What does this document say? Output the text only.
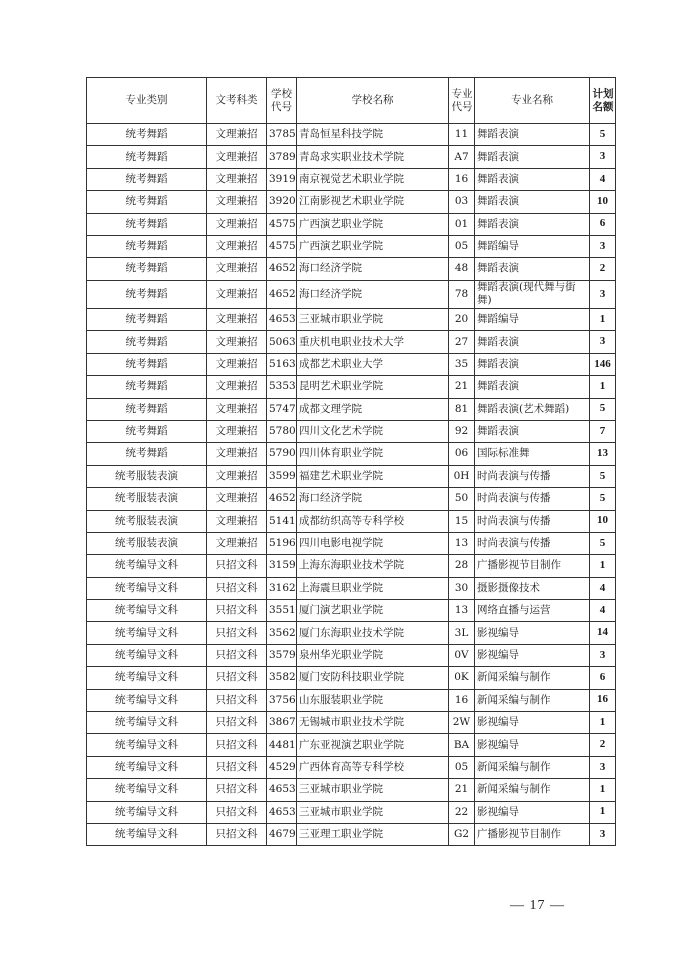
专业类别	文考科类	学校代号	学校名称	专业代号	专业名称	计划名额
统考舞蹈	文理兼招	3785	青岛恒星科技学院	11	舞蹈表演	5
统考舞蹈	文理兼招	3789	青岛求实职业技术学院	A7	舞蹈表演	3
统考舞蹈	文理兼招	3919	南京视觉艺术职业学院	16	舞蹈表演	4
统考舞蹈	文理兼招	3920	江南影视艺术职业学院	03	舞蹈表演	10
统考舞蹈	文理兼招	4575	广西演艺职业学院	01	舞蹈表演	6
统考舞蹈	文理兼招	4575	广西演艺职业学院	05	舞蹈编导	3
统考舞蹈	文理兼招	4652	海口经济学院	48	舞蹈表演	2
统考舞蹈	文理兼招	4652	海口经济学院	78	舞蹈表演(现代舞与街舞)	3
统考舞蹈	文理兼招	4653	三亚城市职业学院	20	舞蹈编导	1
统考舞蹈	文理兼招	5063	重庆机电职业技术大学	27	舞蹈表演	3
统考舞蹈	文理兼招	5163	成都艺术职业大学	35	舞蹈表演	146
统考舞蹈	文理兼招	5353	昆明艺术职业学院	21	舞蹈表演	1
统考舞蹈	文理兼招	5747	成都文理学院	81	舞蹈表演(艺术舞蹈)	5
统考舞蹈	文理兼招	5780	四川文化艺术学院	92	舞蹈表演	7
统考舞蹈	文理兼招	5790	四川体育职业学院	06	国际标准舞	13
统考服装表演	文理兼招	3599	福建艺术职业学院	0H	时尚表演与传播	5
统考服装表演	文理兼招	4652	海口经济学院	50	时尚表演与传播	5
统考服装表演	文理兼招	5141	成都纺织高等专科学校	15	时尚表演与传播	10
统考服装表演	文理兼招	5196	四川电影电视学院	13	时尚表演与传播	5
统考编导文科	只招文科	3159	上海东海职业技术学院	28	广播影视节目制作	1
统考编导文科	只招文科	3162	上海震旦职业学院	30	摄影摄像技术	4
统考编导文科	只招文科	3551	厦门演艺职业学院	13	网络直播与运营	4
统考编导文科	只招文科	3562	厦门东海职业技术学院	3L	影视编导	14
统考编导文科	只招文科	3579	泉州华光职业学院	0V	影视编导	3
统考编导文科	只招文科	3582	厦门安防科技职业学院	0K	新闻采编与制作	6
统考编导文科	只招文科	3756	山东服装职业学院	16	新闻采编与制作	16
统考编导文科	只招文科	3867	无锡城市职业技术学院	2W	影视编导	1
统考编导文科	只招文科	4481	广东亚视演艺职业学院	BA	影视编导	2
统考编导文科	只招文科	4529	广西体育高等专科学校	05	新闻采编与制作	3
统考编导文科	只招文科	4653	三亚城市职业学院	21	新闻采编与制作	1
统考编导文科	只招文科	4653	三亚城市职业学院	22	影视编导	1
统考编导文科	只招文科	4679	三亚理工职业学院	G2	广播影视节目制作	3
— 17 —
